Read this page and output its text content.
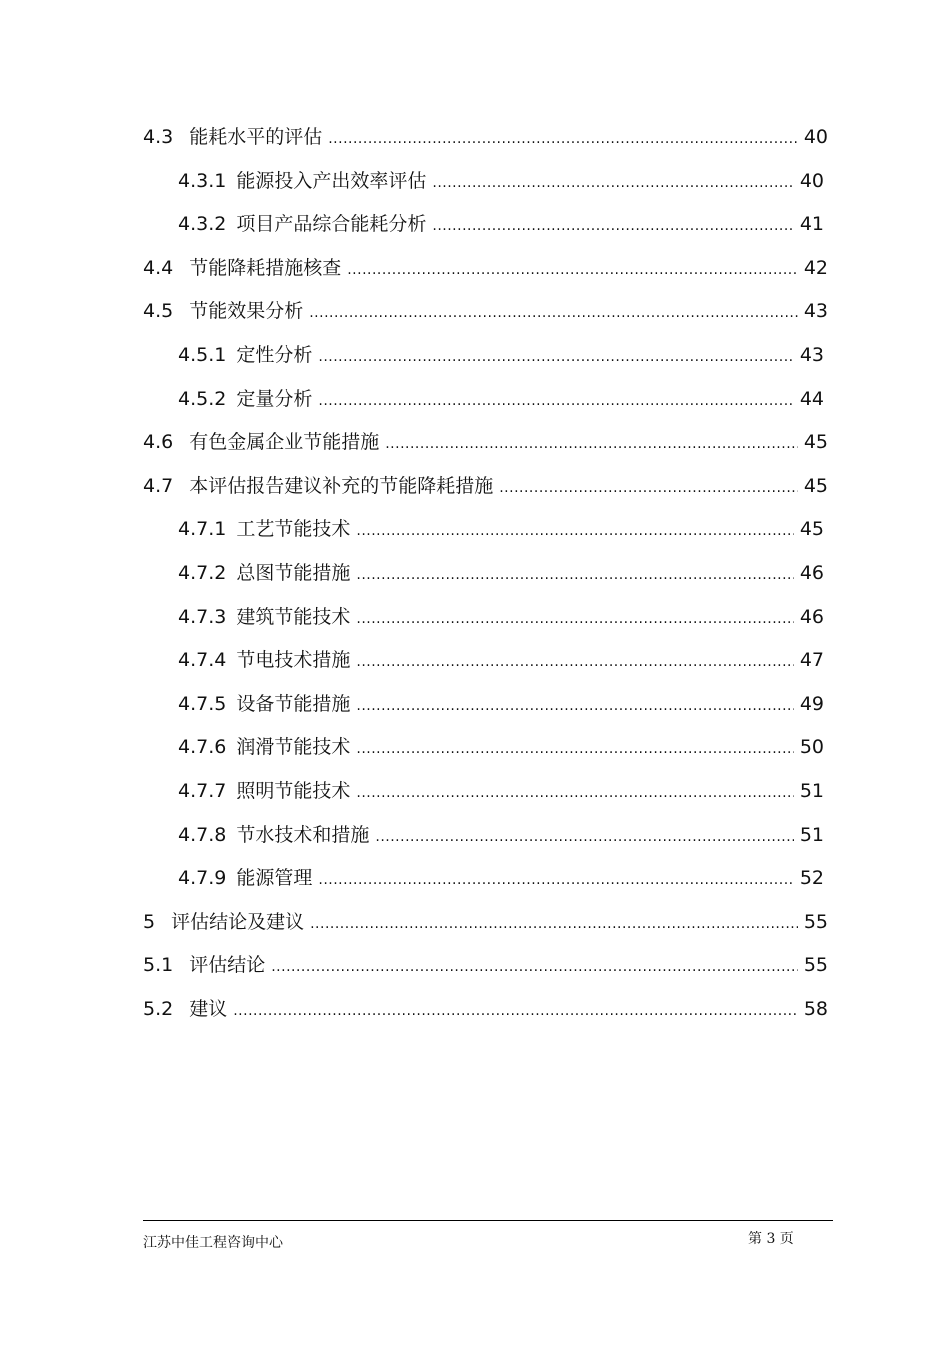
4.3 能耗水平的评估 .....	40
4.3.1 能源投入产出效率评估 .....	40
4.3.2 项目产品综合能耗分析 .....	41
4.4 节能降耗措施核查 .....	42
4.5 节能效果分析 .....	43
4.5.1 定性分析 .....	43
4.5.2 定量分析 .....	44
4.6 有色金属企业节能措施 .....	45
4.7 本评估报告建议补充的节能降耗措施 .....	45
4.7.1 工艺节能技术 .....	45
4.7.2 总图节能措施 .....	46
4.7.3 建筑节能技术 .....	46
4.7.4 节电技术措施 .....	47
4.7.5 设备节能措施 .....	49
4.7.6 润滑节能技术 .....	50
4.7.7 照明节能技术 .....	51
4.7.8 节水技术和措施 .....	51
4.7.9 能源管理 .....	52
5 评估结论及建议 .....	55
5.1 评估结论 .....	55
5.2 建议 .....	58
江苏中佳工程咨询中心	第 3 页
